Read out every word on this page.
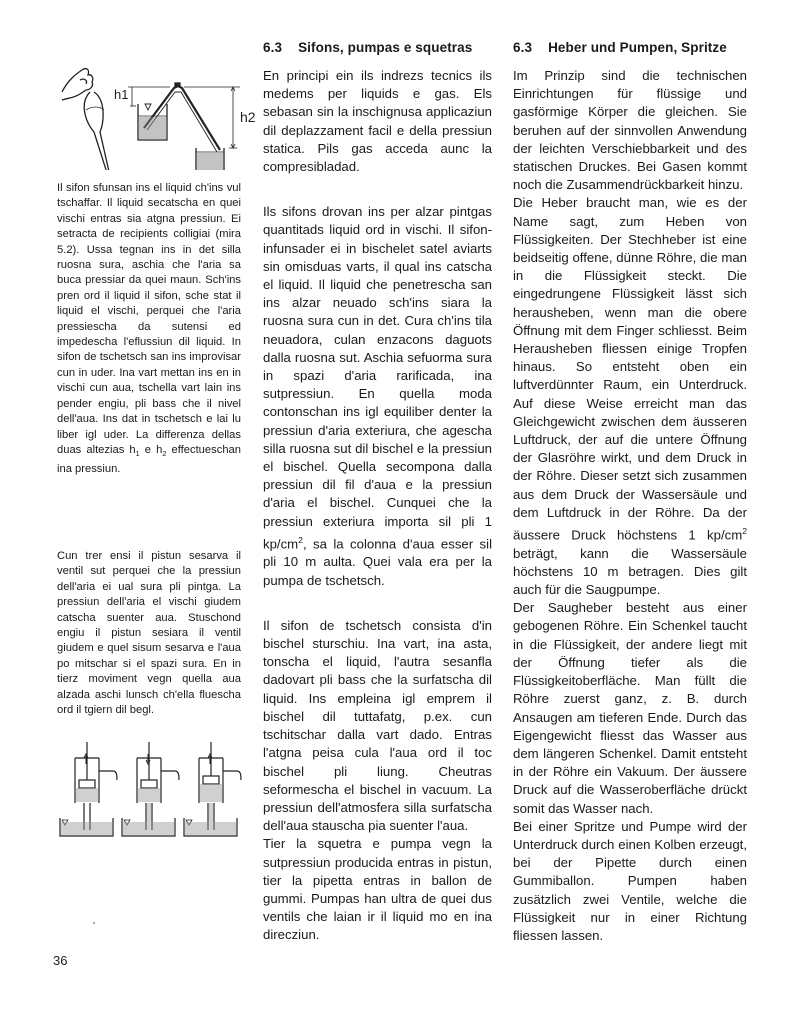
h1
h2

Il sifon sfunsan ins el liquid ch'ins vul tschaffar. Il liquid secatscha en quei vischi entras sia atgna pressiun. Ei setracta de recipients colligiai (mira 5.2). Ussa tegnan ins in det silla ruosna sura, aschia che l'aria sa buca pressiar da quei maun. Sch'ins pren ord il liquid il sifon, sche stat il liquid el vischi, perquei che l'aria pressiescha da sutensi ed impedescha l'eflussiun dil liquid. In sifon de tschetsch san ins improvisar cun in uder. Ina vart mettan ins en in vischi cun aua, tschella vart lain ins pender engiu, pli bass che il nivel dell'aua. Ins dat in tschetsch e lai lu liber igl uder. La differenza dellas duas altezias $h_1$ e $h_2$ effectueschan ina pressiun.

Cun trer ensi il pistun sesarva il ventil sut perquei che la pressiun dell'aria ei ual sura pli pintga. La pressiun dell'aria el vischi giudem catscha suenter aua. Stuschond engiu il pistun sesiara il ventil giudem e quel sisum sesarva e l'aua po mitschar si el spazi sura. En in tierz moviment vegn quella aua alzada aschi lunsch ch'ella fluescha ord il tgiern dil begl.

6.3 Sifons, pumpas e squetras

En principi ein ils indrezs tecnics ils medems per liquids e gas. Els sebasan sin la inschignusa applicaziun dil deplazzament facil e della pressiun statica. Pils gas acceda aunc la compresibladad.

Ils sifons drovan ins per alzar pintgas quantitads liquid ord in vischi. Il sifon-infunsader ei in bischelet satel aviarts sin omisduas varts, il qual ins catscha el liquid. Il liquid che penetrescha san ins alzar neuado sch'ins siara la ruosna sura cun in det. Cura ch'ins tila neuadora, culan enzacons daguots dalla ruosna sut. Aschia sefuorma sura in spazi d'aria rarificada, ina sutpressiun. En quella moda contonschan ins igl equiliber denter la pressiun d'aria exteriura, che agescha silla ruosna sut dil bischel e la pressiun el bischel. Quella secompona dalla pressiun dil fil d'aua e la pressiun d'aria el bischel. Cunquei che la pressiun exteriura importa sil pli 1 $kp/cm^2$, sa la colonna d'aua esser sil pli 10 m aulta. Quei vala era per la pumpa de tschetsch.

Il sifon de tschetsch consista d'in bischel sturschiu. Ina vart, ina asta, tonscha el liquid, l'autra sesanfla dadovart pli bass che la surfatscha dil liquid. Ins empleina igl emprem il bischel dil tuttafatg, p.ex. cun tschitschar dalla vart dado. Entras l'atgna peisa cula l'aua ord il toc bischel pli liung. Cheutras seformescha el bischel in vacuum. La pressiun dell'atmosfera silla surfatscha dell'aua stauscha pia suenter l'aua.

Tier la squetra e pumpa vegn la sutpressiun producida entras in pistun, tier la pipetta entras in ballon de gummi. Pumpas han ultra de quei dus ventils che laian ir il liquid mo en ina direcziun.

6.3 Heber und Pumpen, Spritze

Im Prinzip sind die technischen Einrichtungen für flüssige und gasförmige Körper die gleichen. Sie beruhen auf der sinnvollen Anwendung der leichten Verschiebbarkeit und des statischen Druckes. Bei Gasen kommt noch die Zusammendrückbarkeit hinzu.

Die Heber braucht man, wie es der Name sagt, zum Heben von Flüssigkeiten. Der Stechheber ist eine beidseitig offene, dünne Röhre, die man in die Flüssigkeit steckt. Die eingedrungene Flüssigkeit lässt sich herausheben, wenn man die obere Öffnung mit dem Finger schliesst. Beim Herausheben fliessen einige Tropfen hinaus. So entsteht oben ein luftverdünnter Raum, ein Unterdruck. Auf diese Weise erreicht man das Gleichgewicht zwischen dem äusseren Luftdruck, der auf die untere Öffnung der Glasröhre wirkt, und dem Druck in der Röhre. Dieser setzt sich zusammen aus dem Druck der Wassersäule und dem Luftdruck in der Röhre. Da der äussere Druck höchstens 1 $kp/cm^2$ beträgt, kann die Wassersäule höchstens 10 m betragen. Dies gilt auch für die Saugpumpe.

Der Saugheber besteht aus einer gebogenen Röhre. Ein Schenkel taucht in die Flüssigkeit, der andere liegt mit der Öffnung tiefer als die Flüssigkeitoberfläche. Man füllt die Röhre zuerst ganz, z. B. durch Ansaugen am tieferen Ende. Durch das Eigengewicht fliesst das Wasser aus dem längeren Schenkel. Damit entsteht in der Röhre ein Vakuum. Der äussere Druck auf die Wasseroberfläche drückt somit das Wasser nach.

Bei einer Spritze und Pumpe wird der Unterdruck durch einen Kolben erzeugt, bei der Pipette durch einen Gummiballon. Pumpen haben zusätzlich zwei Ventile, welche die Flüssigkeit nur in einer Richtung fliessen lassen.

36
